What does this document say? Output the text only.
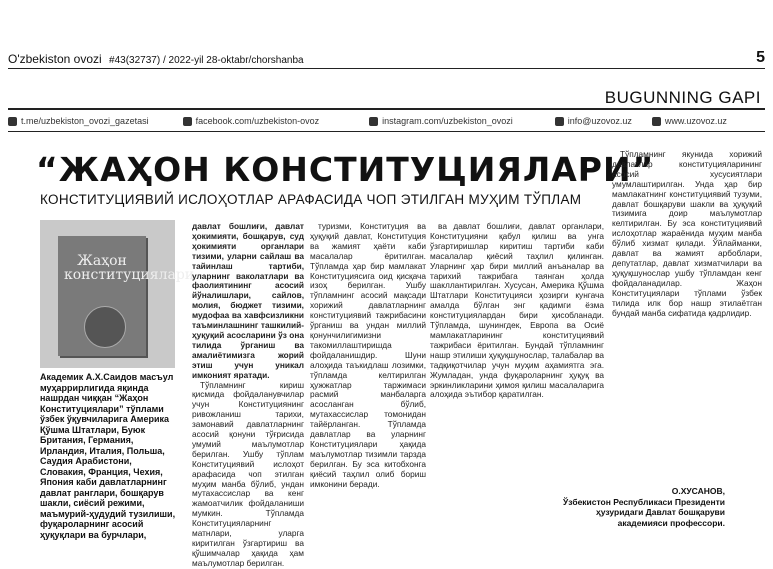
O'zbekiston ovozi #43(32737) / 2022-yil 28-oktabr/chorshanba	5
BUGUNNING GAPI
t.me/uzbekiston_ovozi_gazetasi	facebook.com/uzbekiston-ovoz	instagram.com/uzbekiston_ovozi	info@uzovoz.uz	www.uzovoz.uz
“ЖАҲОН КОНСТИТУЦИЯЛАРИ”
КОНСТИТУЦИЯВИЙ ИСЛОҲОТЛАР АРАФАСИДА ЧОП ЭТИЛГАН МУҲИМ ТЎПЛАМ
Жаҳон конституциялари
Академик А.Х.Саидов масъул муҳаррирлигида яқинда нашрдан чиққан “Жаҳон Конституциялари” тўплами ўзбек ўқувчиларига Америка Қўшма Штатлари, Буюк Британия, Германия, Ирландия, Италия, Польша, Саудия Арабистони, Словакия, Франция, Чехия, Япония каби давлатларнинг давлат ранглари, бошқарув шакли, сиёсий режими, маъмурий-ҳудудий тузилиши, фуқароларнинг асосий ҳуқуқлари ва бурчлари,

давлат бошлиғи, давлат ҳокимияти, бошқарув, суд ҳокимияти органлари тизими, уларни сайлаш ва тайинлаш тартиби, уларнинг ваколатлари ва фаолиятининг асосий йўналишлари, сайлов, молия, бюджет тизими, мудофаа ва хавфсизликни таъминлашнинг ташкилий-ҳуқуқий асосларини ўз она тилида ўрганиш ва амалиётимизга жорий этиш учун уникал имконият яратади.

Тўпламнинг кириш қисмида фойдаланувчилар учун Конституциянинг ривожланиш тарихи, замонавий давлатларнинг асосий қонуни тўғрисида умумий маълумотлар берилган. Ушбу тўплам Конституциявий ислоҳот арафасида чоп этилган муҳим манба бўлиб, ундан мутахассислар ва кенг жамоатчилик фойдаланиши мумкин. Тўпламда Конституцияларнинг матнлари, уларга киритилган ўзгартириш ва қўшимчалар ҳақида ҳам маълумотлар берилган.

туризми, Конституция ва ҳуқуқий давлат, Конституция ва жамият ҳаёти каби масалалар ёритилган. Тўпламда ҳар бир мамлакат Конституциясига оид қисқача изоҳ берилган. Ушбу тўпламнинг асосий мақсади хорижий давлатларнинг конституциявий тажрибасини ўрганиш ва ундан миллий қонунчилигимизни такомиллаштиришда фойдаланишдир. Шуни алоҳида таъкидлаш лозимки, тўпламда келтирилган ҳужжатлар таржимаси расмий манбаларга асосланган бўлиб, мутахассислар томонидан тайёрланган. Тўпламда давлатлар ва уларнинг Конституциялари ҳақида маълумотлар тизимли тарзда берилган. Бу эса китобхонга қиёсий таҳлил олиб бориш имконини беради.

ва давлат бошлиғи, давлат органлари, Конституцияни қабул қилиш ва унга ўзгартиришлар киритиш тартиби каби масалалар қиёсий таҳлил қилинган. Уларнинг ҳар бири миллий анъаналар ва тарихий тажрибага таянган ҳолда шакллантирилган. Хусусан, Америка Қўшма Штатлари Конституцияси ҳозирги кунгача амалда бўлган энг қадимги ёзма конституциялардан бири ҳисобланади. Тўпламда, шунингдек, Европа ва Осиё мамлакатларининг конституциявий тажрибаси ёритилган. Бундай тўпламнинг нашр этилиши ҳуқуқшунослар, талабалар ва тадқиқотчилар учун муҳим аҳамиятга эга. Жумладан, унда фуқароларнинг ҳуқуқ ва эркинликларини ҳимоя қилиш масалаларига алоҳида эътибор қаратилган.

Тўпламнинг якунида хорижий давлатлар конституцияларининг асосий хусусиятлари умумлаштирилган. Унда ҳар бир мамлакатнинг конституциявий тузуми, давлат бошқаруви шакли ва ҳуқуқий тизимига доир маълумотлар келтирилган. Бу эса конституциявий ислоҳотлар жараёнида муҳим манба бўлиб хизмат қилади. Ўйлайманки, давлат ва жамият арбоблари, депутатлар, давлат хизматчилари ва ҳуқуқшунослар ушбу тўпламдан кенг фойдаланадилар. Жаҳон Конституциялари тўплами ўзбек тилида илк бор нашр этилаётган бундай манба сифатида қадрлидир.

О.ХУСАНОВ,
Ўзбекистон Республикаси Президенти ҳузуридаги Давлат бошқаруви академияси профессори.
